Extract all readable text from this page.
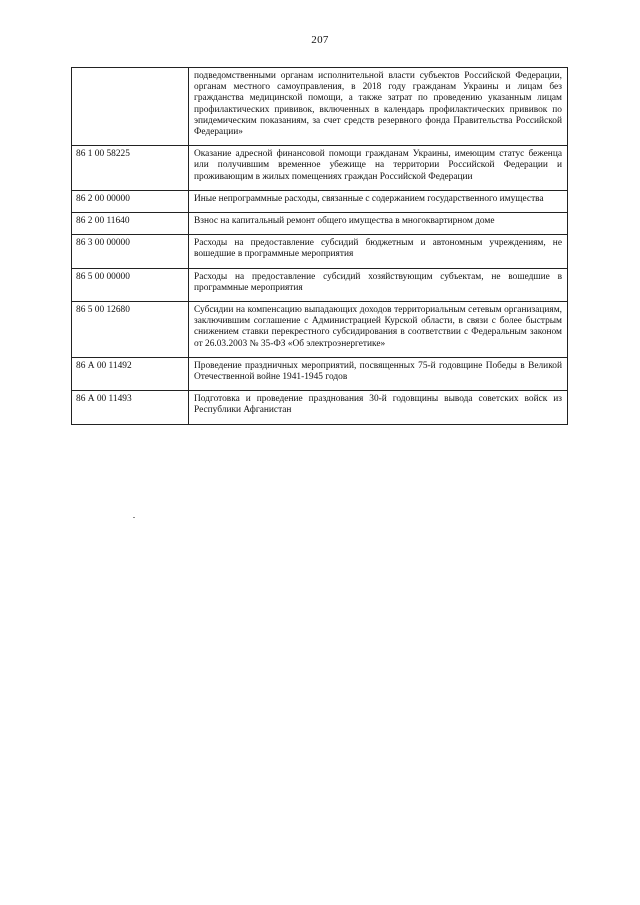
207
	подведомственными органам исполнительной власти субъектов Российской Федерации, органам местного самоуправления, в 2018 году гражданам Украины и лицам без гражданства медицинской помощи, а также затрат по проведению указанным лицам профилактических прививок, включенных в календарь профилактических прививок по эпидемическим показаниям, за счет средств резервного фонда Правительства Российской Федерации»
86 1 00 58225	Оказание адресной финансовой помощи гражданам Украины, имеющим статус беженца или получившим временное убежище на территории Российской Федерации и проживающим в жилых помещениях граждан Российской Федерации
86 2 00 00000	Иные непрограммные расходы, связанные с содержанием государственного имущества
86 2 00 11640	Взнос на капитальный ремонт общего имущества в многоквартирном доме
86 3 00 00000	Расходы на предоставление субсидий бюджетным и автономным учреждениям, не вошедшие в программные мероприятия
86 5 00 00000	Расходы на предоставление субсидий хозяйствующим субъектам, не вошедшие в программные мероприятия
86 5 00 12680	Субсидии на компенсацию выпадающих доходов территориальным сетевым организациям, заключившим соглашение с Администрацией Курской области, в связи с более быстрым снижением ставки перекрестного субсидирования в соответствии с Федеральным законом от 26.03.2003 № 35-ФЗ «Об электроэнергетике»
86 А 00 11492	Проведение праздничных мероприятий, посвященных 75-й годовщине Победы в Великой Отечественной войне 1941-1945 годов
86 А 00 11493	Подготовка и проведение празднования 30-й годовщины вывода советских войск из Республики Афганистан
